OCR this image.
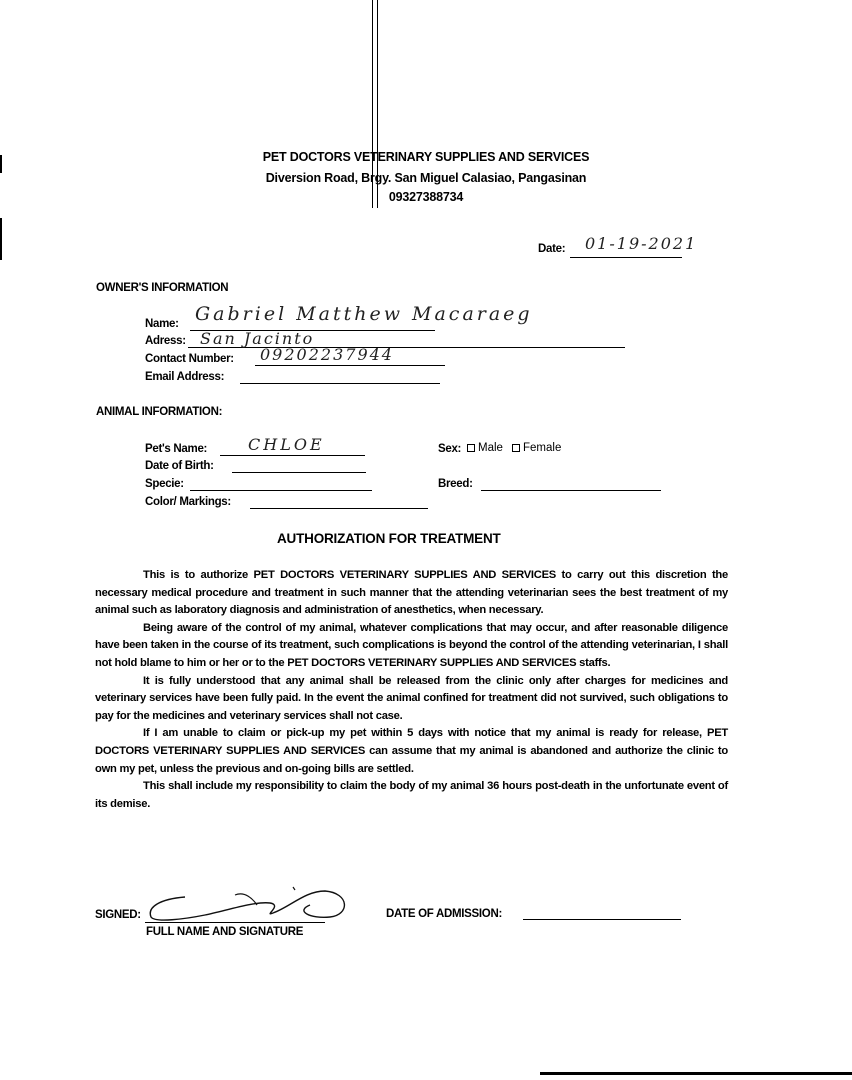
PET DOCTORS VETERINARY SUPPLIES AND SERVICES
Diversion Road, Brgy. San Miguel Calasiao, Pangasinan
09327388734
Date: 01-19-2021
OWNER'S INFORMATION
Name: Gabriel Matthew Macaraeg
Adress: San Jacinto
Contact Number: 09202237944
Email Address:
ANIMAL INFORMATION:
Pet's Name:	CHLOE	Sex:	Male	Female
Date of Birth:
Specie:	Breed:
Color/ Markings:
AUTHORIZATION FOR TREATMENT

This is to authorize PET DOCTORS VETERINARY SUPPLIES AND SERVICES to carry out this discretion the necessary medical procedure and treatment in such manner that the attending veterinarian sees the best treatment of my animal such as laboratory diagnosis and administration of anesthetics, when necessary.

Being aware of the control of my animal, whatever complications that may occur, and after reasonable diligence have been taken in the course of its treatment, such complications is beyond the control of the attending veterinarian, I shall not hold blame to him or her or to the PET DOCTORS VETERINARY SUPPLIES AND SERVICES staffs.

It is fully understood that any animal shall be released from the clinic only after charges for medicines and veterinary services have been fully paid. In the event the animal confined for treatment did not survived, such obligations to pay for the medicines and veterinary services shall not case.

If I am unable to claim or pick-up my pet within 5 days with notice that my animal is ready for release, PET DOCTORS VETERINARY SUPPLIES AND SERVICES can assume that my animal is abandoned and authorize the clinic to own my pet, unless the previous and on-going bills are settled.

This shall include my responsibility to claim the body of my animal 36 hours post-death in the unfortunate event of its demise.

SIGNED:
FULL NAME AND SIGNATURE
DATE OF ADMISSION:
